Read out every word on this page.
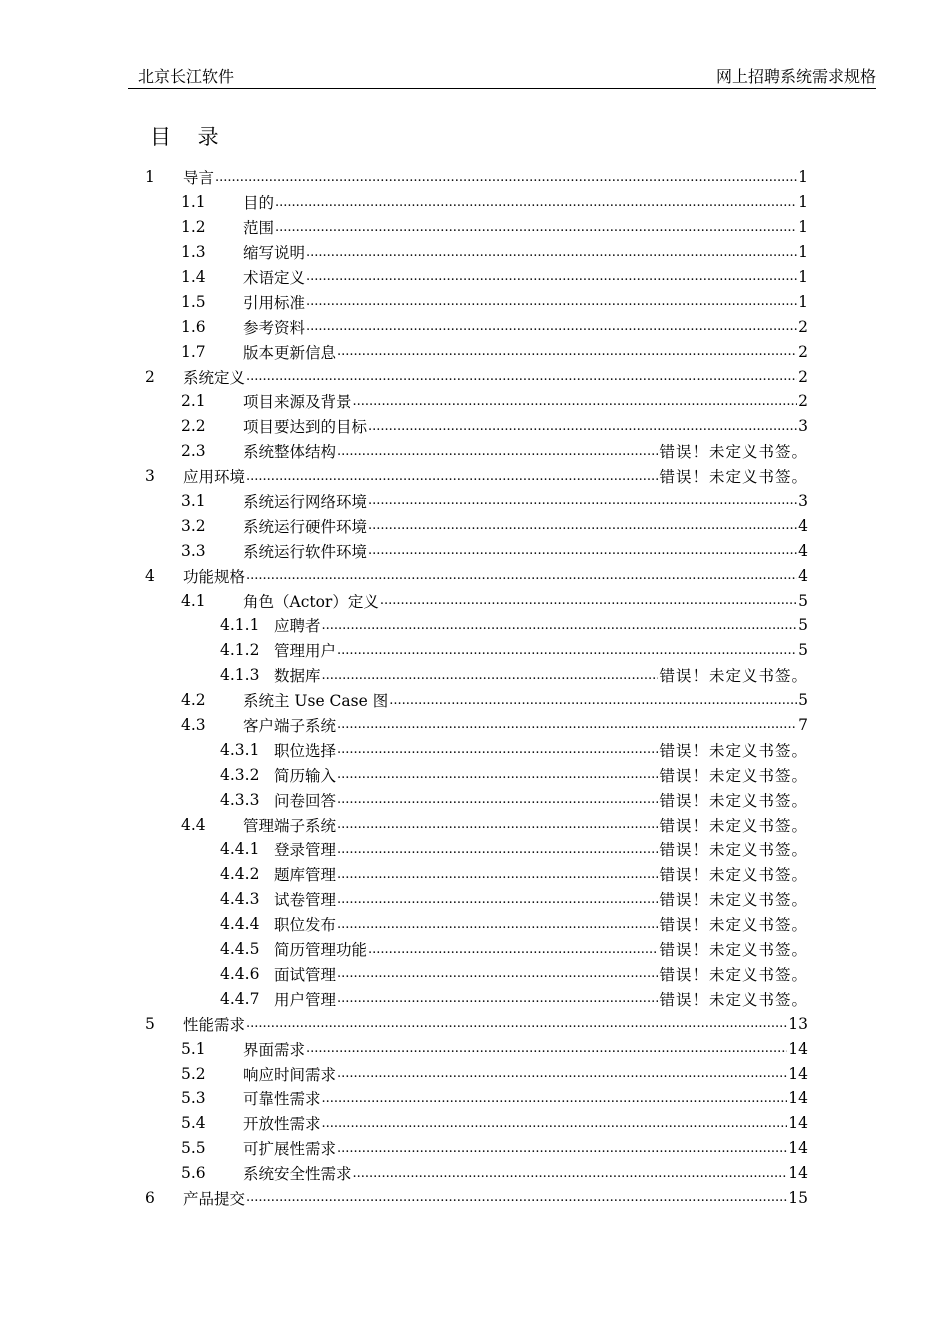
北京长江软件	网上招聘系统需求规格
目 录
1	导言 .....	1
1.1	目的 .....	1
1.2	范围 .....	1
1.3	缩写说明 .....	1
1.4	术语定义 .....	1
1.5	引用标准 .....	1
1.6	参考资料 .....	2
1.7	版本更新信息 .....	2
2	系统定义 .....	2
2.1	项目来源及背景 .....	2
2.2	项目要达到的目标 .....	3
2.3	系统整体结构 .....	错误！未定义书签。
3	应用环境 .....	错误！未定义书签。
3.1	系统运行网络环境 .....	3
3.2	系统运行硬件环境 .....	4
3.3	系统运行软件环境 .....	4
4	功能规格 .....	4
4.1	角色（Actor）定义 .....	5
4.1.1 应聘者 .....	5
4.1.2 管理用户 .....	5
4.1.3 数据库 .....	错误！未定义书签。
4.2	系统主 Use Case 图 .....	5
4.3	客户端子系统 .....	7
4.3.1 职位选择 .....	错误！未定义书签。
4.3.2 简历输入 .....	错误！未定义书签。
4.3.3 问卷回答 .....	错误！未定义书签。
4.4	管理端子系统 .....	错误！未定义书签。
4.4.1 登录管理 .....	错误！未定义书签。
4.4.2 题库管理 .....	错误！未定义书签。
4.4.3 试卷管理 .....	错误！未定义书签。
4.4.4 职位发布 .....	错误！未定义书签。
4.4.5 简历管理功能 .....	错误！未定义书签。
4.4.6 面试管理 .....	错误！未定义书签。
4.4.7 用户管理 .....	错误！未定义书签。
5	性能需求 .....	13
5.1	界面需求 .....	14
5.2	响应时间需求 .....	14
5.3	可靠性需求 .....	14
5.4	开放性需求 .....	14
5.5	可扩展性需求 .....	14
5.6	系统安全性需求 .....	14
6	产品提交 .....	15
